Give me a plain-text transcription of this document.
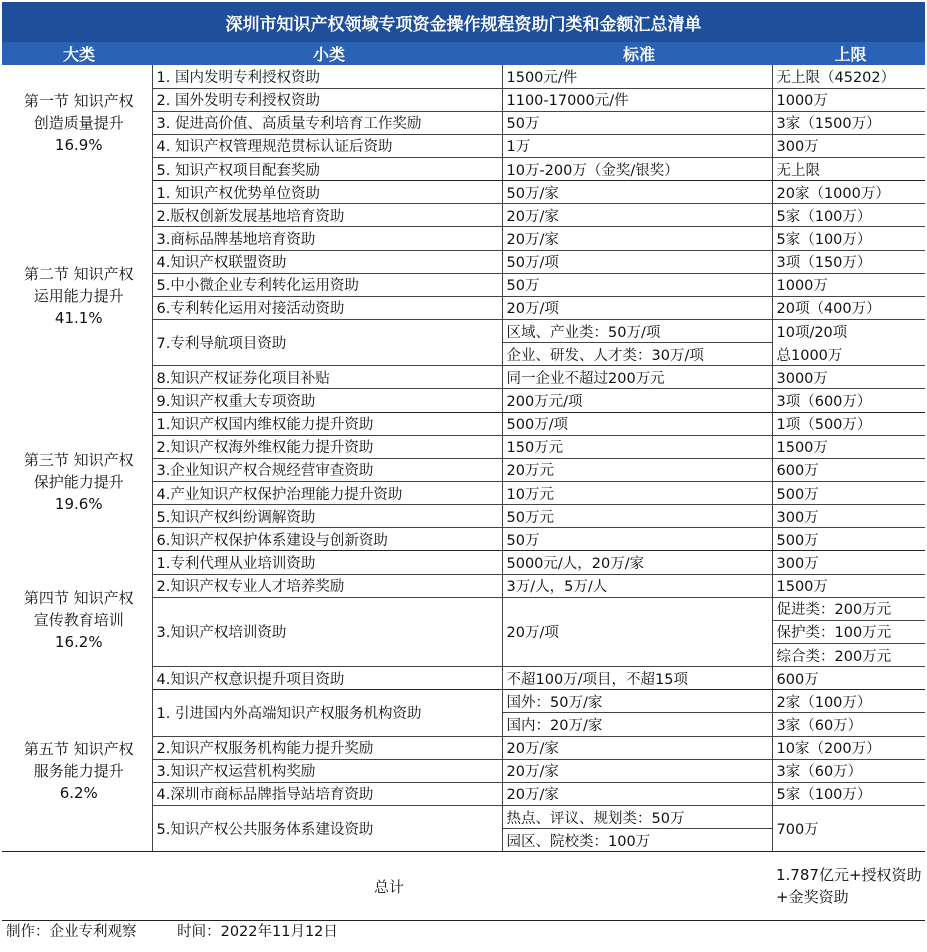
深圳市知识产权领域专项资金操作规程资助门类和金额汇总清单
大类	小类	标准	上限

第一节 知识产权
创造质量提升
16.9%	1. 国内发明专利授权资助	1500元/件	无上限（45202）
	2. 国外发明专利授权资助	1100-17000元/件	1000万
	3. 促进高价值、高质量专利培育工作奖励	50万	3家（1500万）
	4. 知识产权管理规范贯标认证后资助	1万	300万
	5. 知识产权项目配套奖励	10万-200万（金奖/银奖）	无上限

第二节 知识产权
运用能力提升
41.1%	1. 知识产权优势单位资助	50万/家	20家（1000万）
	2.版权创新发展基地培育资助	20万/家	5家（100万）
	3.商标品牌基地培育资助	20万/家	5家（100万）
	4.知识产权联盟资助	50万/项	3项（150万）
	5.中小微企业专利转化运用资助	50万	1000万
	6.专利转化运用对接活动资助	20万/项	20项（400万）
	7.专利导航项目资助	区域、产业类：50万/项	10项/20项
		企业、研发、人才类：30万/项	总1000万
	8.知识产权证券化项目补贴	同一企业不超过200万元	3000万
	9.知识产权重大专项资助	200万元/项	3项（600万）

第三节 知识产权
保护能力提升
19.6%	1.知识产权国内维权能力提升资助	500万/项	1项（500万）
	2.知识产权海外维权能力提升资助	150万元	1500万
	3.企业知识产权合规经营审查资助	20万元	600万
	4.产业知识产权保护治理能力提升资助	10万元	500万
	5.知识产权纠纷调解资助	50万元	300万
	6.知识产权保护体系建设与创新资助	50万	500万

第四节 知识产权
宣传教育培训
16.2%	1.专利代理从业培训资助	5000元/人，20万/家	300万
	2.知识产权专业人才培养奖励	3万/人，5万/人	1500万
	3.知识产权培训资助	20万/项	促进类：200万元
			保护类：100万元
			综合类：200万元
	4.知识产权意识提升项目资助	不超100万/项目，不超15项	600万

第五节 知识产权
服务能力提升
6.2%	1. 引进国内外高端知识产权服务机构资助	国外：50万/家	2家（100万）
		国内：20万/家	3家（60万）
	2.知识产权服务机构能力提升奖励	20万/家	10家（200万）
	3.知识产权运营机构奖励	20万/家	3家（60万）
	4.深圳市商标品牌指导站培育资助	20万/家	5家（100万）
	5.知识产权公共服务体系建设资助	热点、评议、规划类：50万	700万
		园区、院校类：100万	
总计			1.787亿元+授权资助+金奖资助
制作：企业专利观察	时间：2022年11月12日
